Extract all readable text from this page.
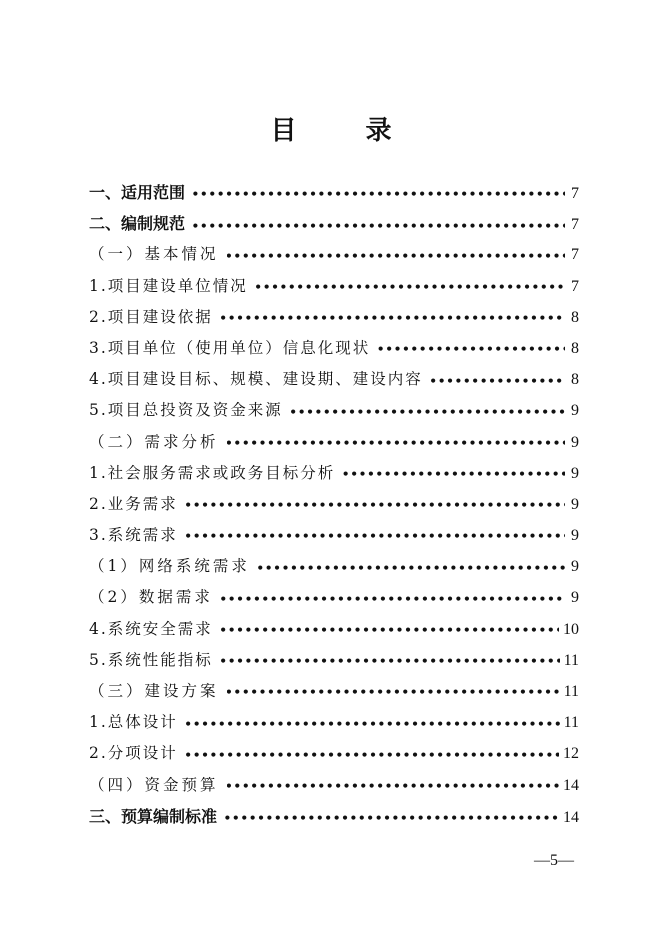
目 录
一、适用范围 ●●●●●●●●●●●●●●●●●●●●●●●●●●●●●●●●●●●●●●●●●●●●●●●●●●●●●●●●●●●●●●●●●●●●●●●●●●●●●●	7
二、编制规范 ●●●●●●●●●●●●●●●●●●●●●●●●●●●●●●●●●●●●●●●●●●●●●●●●●●●●●●●●●●●●●●●●●●●●●●●●●●●●●●	7
（一）基本情况 ●●●●●●●●●●●●●●●●●●●●●●●●●●●●●●●●●●●●●●●●●●●●●●●●●●●●●●●●●●●●●●●●●●●●●●●●●●●●●●	7
1.项目建设单位情况 ●●●●●●●●●●●●●●●●●●●●●●●●●●●●●●●●●●●●●●●●●●●●●●●●●●●●●●●●●●●●●●●●●●●●●●●●●●●●●●	7
2.项目建设依据 ●●●●●●●●●●●●●●●●●●●●●●●●●●●●●●●●●●●●●●●●●●●●●●●●●●●●●●●●●●●●●●●●●●●●●●●●●●●●●●	8
3.项目单位（使用单位）信息化现状 ●●●●●●●●●●●●●●●●●●●●●●●●●●●●●●●●●●●●●●●●●●●●●●●●●●●●●●●●●●●●●●●●●●●●●●●●●●●●●●	8
4.项目建设目标、规模、建设期、建设内容 ●●●●●●●●●●●●●●●●●●●●●●●●●●●●●●●●●●●●●●●●●●●●●●●●●●●●●●●●●●●●●●●●●●●●●●●●●●●●●●	8
5.项目总投资及资金来源 ●●●●●●●●●●●●●●●●●●●●●●●●●●●●●●●●●●●●●●●●●●●●●●●●●●●●●●●●●●●●●●●●●●●●●●●●●●●●●●	9
（二）需求分析 ●●●●●●●●●●●●●●●●●●●●●●●●●●●●●●●●●●●●●●●●●●●●●●●●●●●●●●●●●●●●●●●●●●●●●●●●●●●●●●	9
1.社会服务需求或政务目标分析 ●●●●●●●●●●●●●●●●●●●●●●●●●●●●●●●●●●●●●●●●●●●●●●●●●●●●●●●●●●●●●●●●●●●●●●●●●●●●●●	9
2.业务需求 ●●●●●●●●●●●●●●●●●●●●●●●●●●●●●●●●●●●●●●●●●●●●●●●●●●●●●●●●●●●●●●●●●●●●●●●●●●●●●●	9
3.系统需求 ●●●●●●●●●●●●●●●●●●●●●●●●●●●●●●●●●●●●●●●●●●●●●●●●●●●●●●●●●●●●●●●●●●●●●●●●●●●●●●	9
（1）网络系统需求 ●●●●●●●●●●●●●●●●●●●●●●●●●●●●●●●●●●●●●●●●●●●●●●●●●●●●●●●●●●●●●●●●●●●●●●●●●●●●●●	9
（2）数据需求 ●●●●●●●●●●●●●●●●●●●●●●●●●●●●●●●●●●●●●●●●●●●●●●●●●●●●●●●●●●●●●●●●●●●●●●●●●●●●●●	9
4.系统安全需求 ●●●●●●●●●●●●●●●●●●●●●●●●●●●●●●●●●●●●●●●●●●●●●●●●●●●●●●●●●●●●●●●●●●●●●●●●●●●●●●	10
5.系统性能指标 ●●●●●●●●●●●●●●●●●●●●●●●●●●●●●●●●●●●●●●●●●●●●●●●●●●●●●●●●●●●●●●●●●●●●●●●●●●●●●●	11
（三）建设方案 ●●●●●●●●●●●●●●●●●●●●●●●●●●●●●●●●●●●●●●●●●●●●●●●●●●●●●●●●●●●●●●●●●●●●●●●●●●●●●●	11
1.总体设计 ●●●●●●●●●●●●●●●●●●●●●●●●●●●●●●●●●●●●●●●●●●●●●●●●●●●●●●●●●●●●●●●●●●●●●●●●●●●●●●	11
2.分项设计 ●●●●●●●●●●●●●●●●●●●●●●●●●●●●●●●●●●●●●●●●●●●●●●●●●●●●●●●●●●●●●●●●●●●●●●●●●●●●●●	12
（四）资金预算 ●●●●●●●●●●●●●●●●●●●●●●●●●●●●●●●●●●●●●●●●●●●●●●●●●●●●●●●●●●●●●●●●●●●●●●●●●●●●●●	14
三、预算编制标准 ●●●●●●●●●●●●●●●●●●●●●●●●●●●●●●●●●●●●●●●●●●●●●●●●●●●●●●●●●●●●●●●●●●●●●●●●●●●●●●	14
—5—
